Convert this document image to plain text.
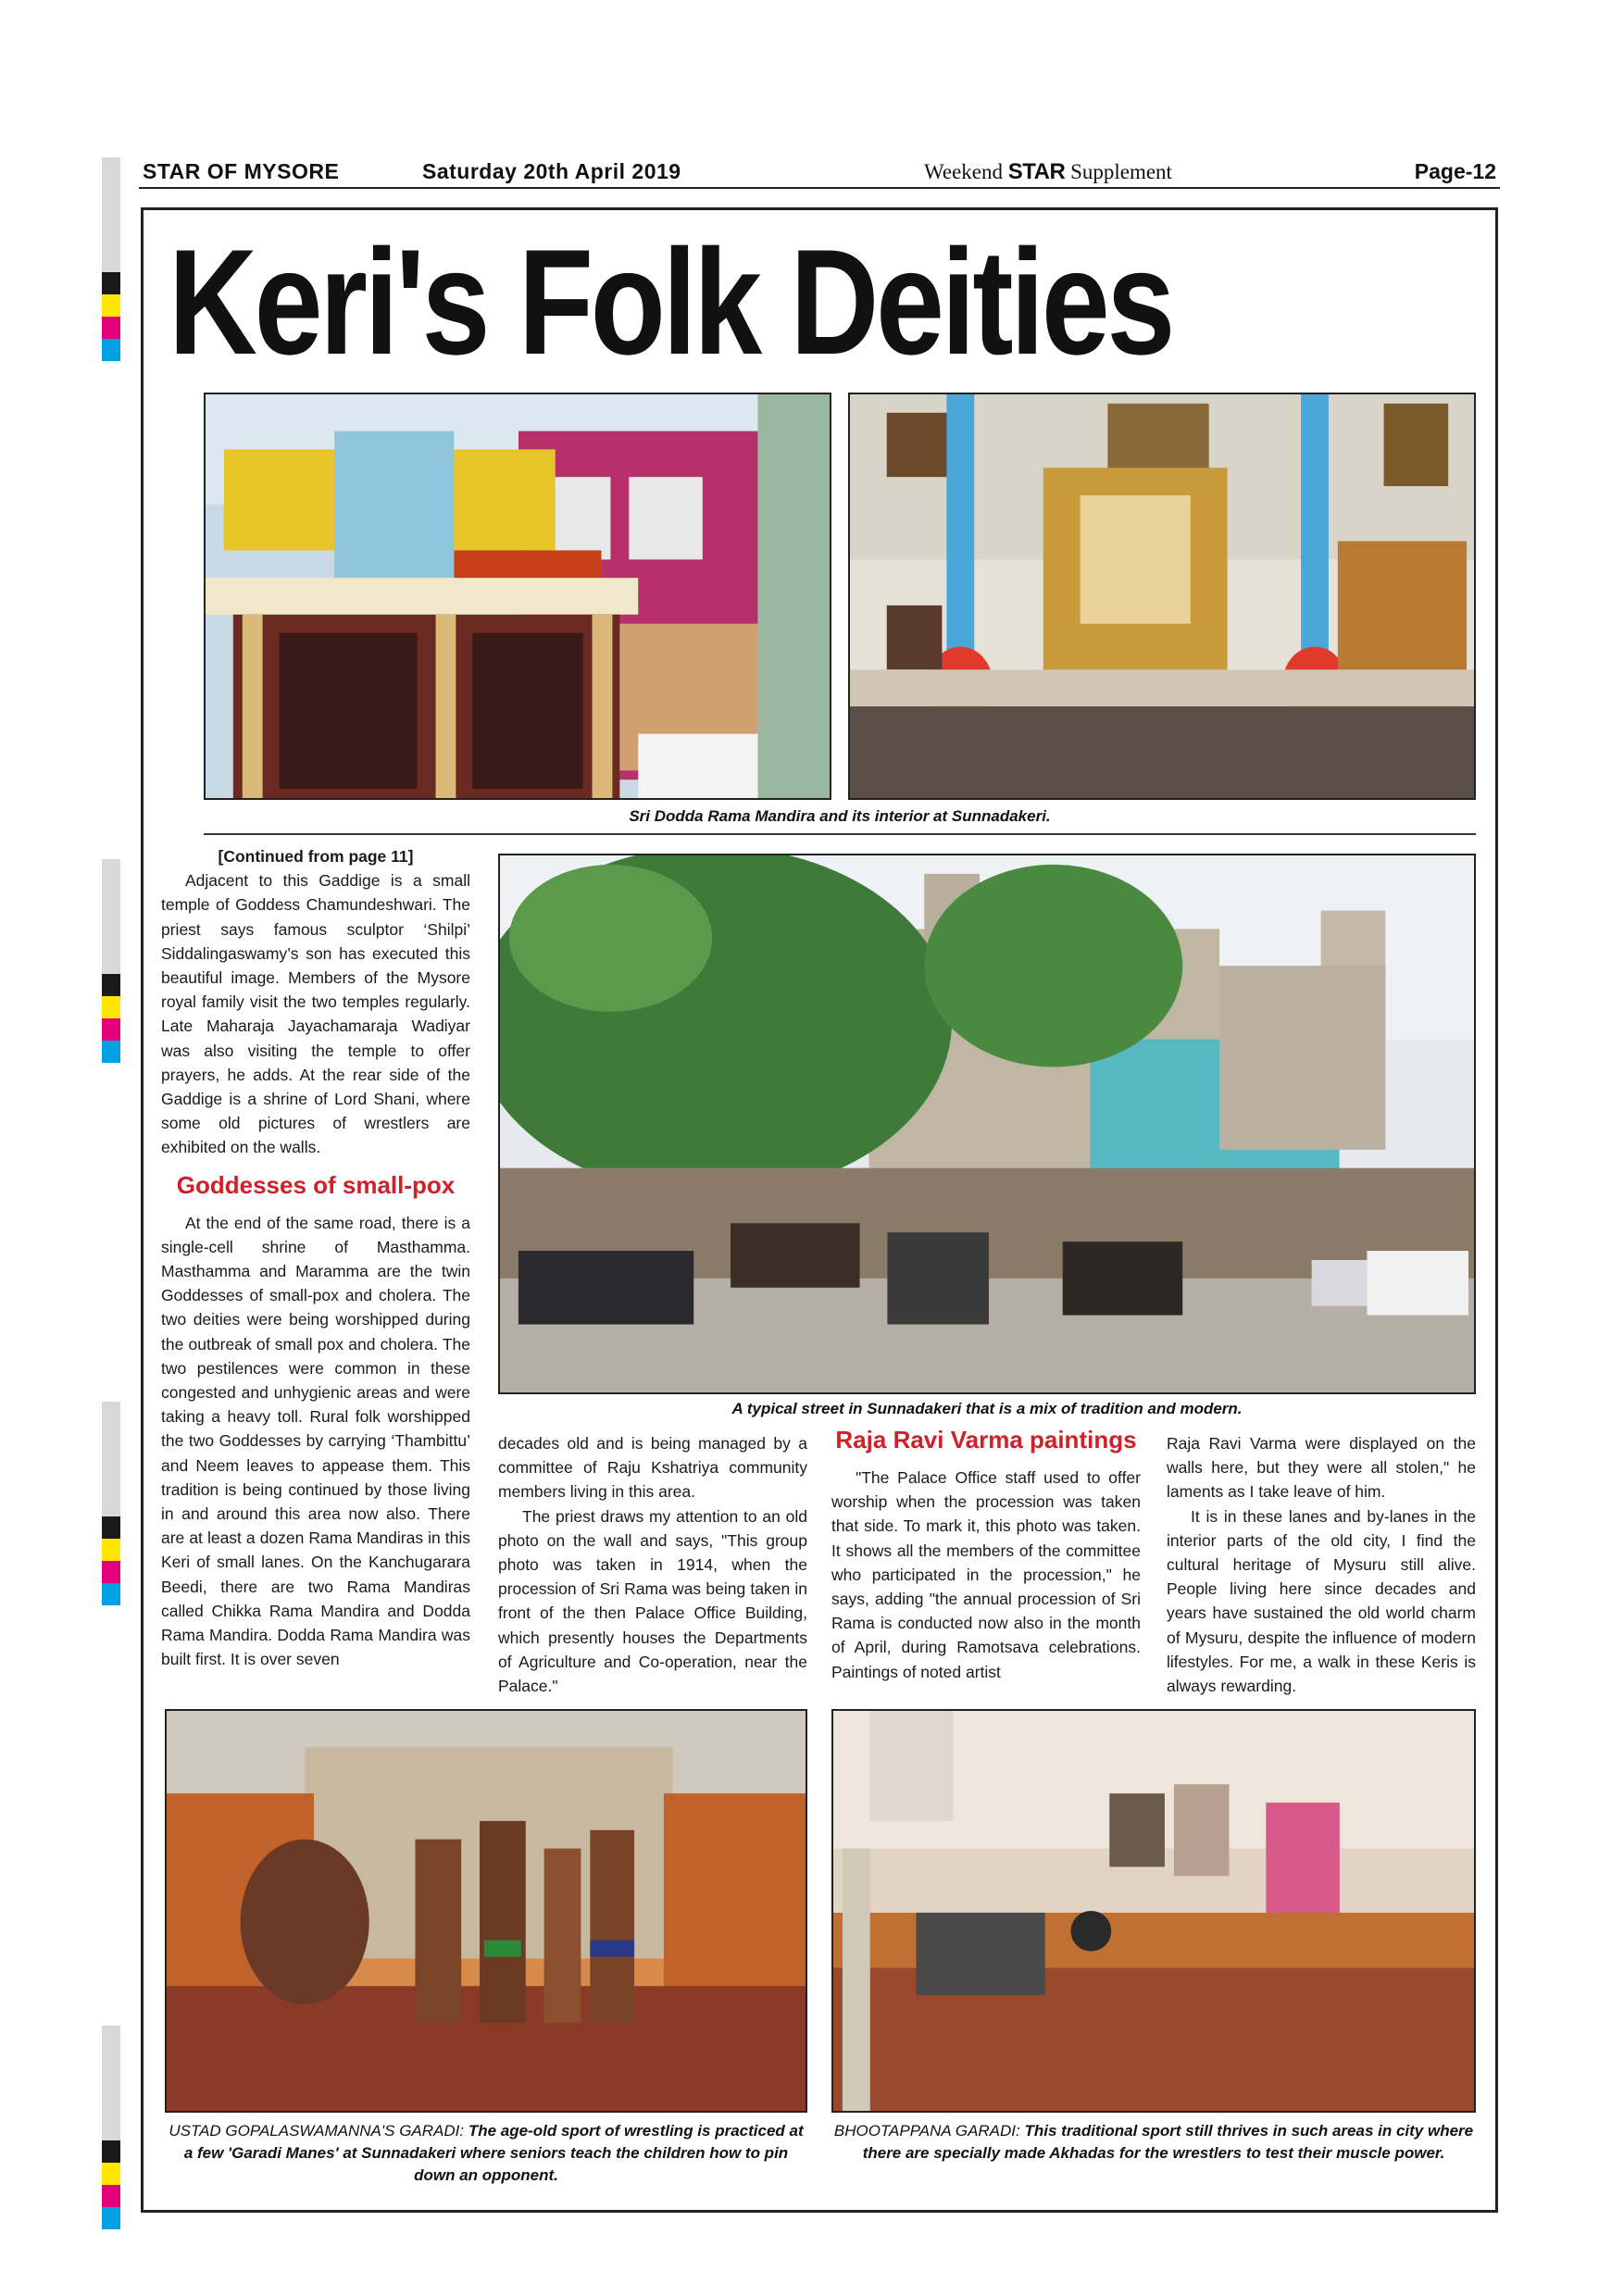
STAR OF MYSORE	Saturday 20th April 2019	Weekend STAR Supplement	Page-12
Keri's Folk Deities
Sri Dodda Rama Mandira and its interior at Sunnadakeri.
A typical street in Sunnadakeri that is a mix of tradition and modern.

[Continued from page 11]

Adjacent to this Gaddige is a small temple of Goddess Chamundeshwari. The priest says famous sculptor ‘Shilpi’ Siddalingaswamy’s son has executed this beautiful image. Members of the Mysore royal family visit the two temples regularly. Late Maharaja Jayachamaraja Wadiyar was also visiting the temple to offer prayers, he adds. At the rear side of the Gaddige is a shrine of Lord Shani, where some old pictures of wrestlers are exhibited on the walls.

Goddesses of small-pox

At the end of the same road, there is a single-cell shrine of Masthamma. Masthamma and Maramma are the twin Goddesses of small-pox and cholera. The two deities were being worshipped during the outbreak of small pox and cholera. The two pestilences were common in these congested and unhygienic areas and were taking a heavy toll. Rural folk worshipped the two Goddesses by carrying ‘Thambittu’ and Neem leaves to appease them. This tradition is being continued by those living in and around this area now also. There are at least a dozen Rama Mandiras in this Keri of small lanes. On the Kanchugarara Beedi, there are two Rama Mandiras called Chikka Rama Mandira and Dodda Rama Mandira. Dodda Rama Mandira was built first. It is over seven

decades old and is being managed by a committee of Raju Kshatriya community members living in this area.

The priest draws my attention to an old photo on the wall and says, "This group photo was taken in 1914, when the procession of Sri Rama was being taken in front of the then Palace Office Building, which presently houses the Departments of Agriculture and Co-operation, near the Palace."

Raja Ravi Varma paintings

"The Palace Office staff used to offer worship when the procession was taken that side. To mark it, this photo was taken. It shows all the members of the committee who participated in the procession," he says, adding "the annual procession of Sri Rama is conducted now also in the month of April, during Ramotsava celebrations. Paintings of noted artist

Raja Ravi Varma were displayed on the walls here, but they were all stolen," he laments as I take leave of him.

It is in these lanes and by-lanes in the interior parts of the old city, I find the cultural heritage of Mysuru still alive. People living here since decades and years have sustained the old world charm of Mysuru, despite the influence of modern lifestyles. For me, a walk in these Keris is always rewarding.

USTAD GOPALASWAMANNA'S GARADI: The age-old sport of wrestling is practiced at a few 'Garadi Manes' at Sunnadakeri where seniors teach the children how to pin down an opponent.
BHOOTAPPANA GARADI: This traditional sport still thrives in such areas in city where there are specially made Akhadas for the wrestlers to test their muscle power.
